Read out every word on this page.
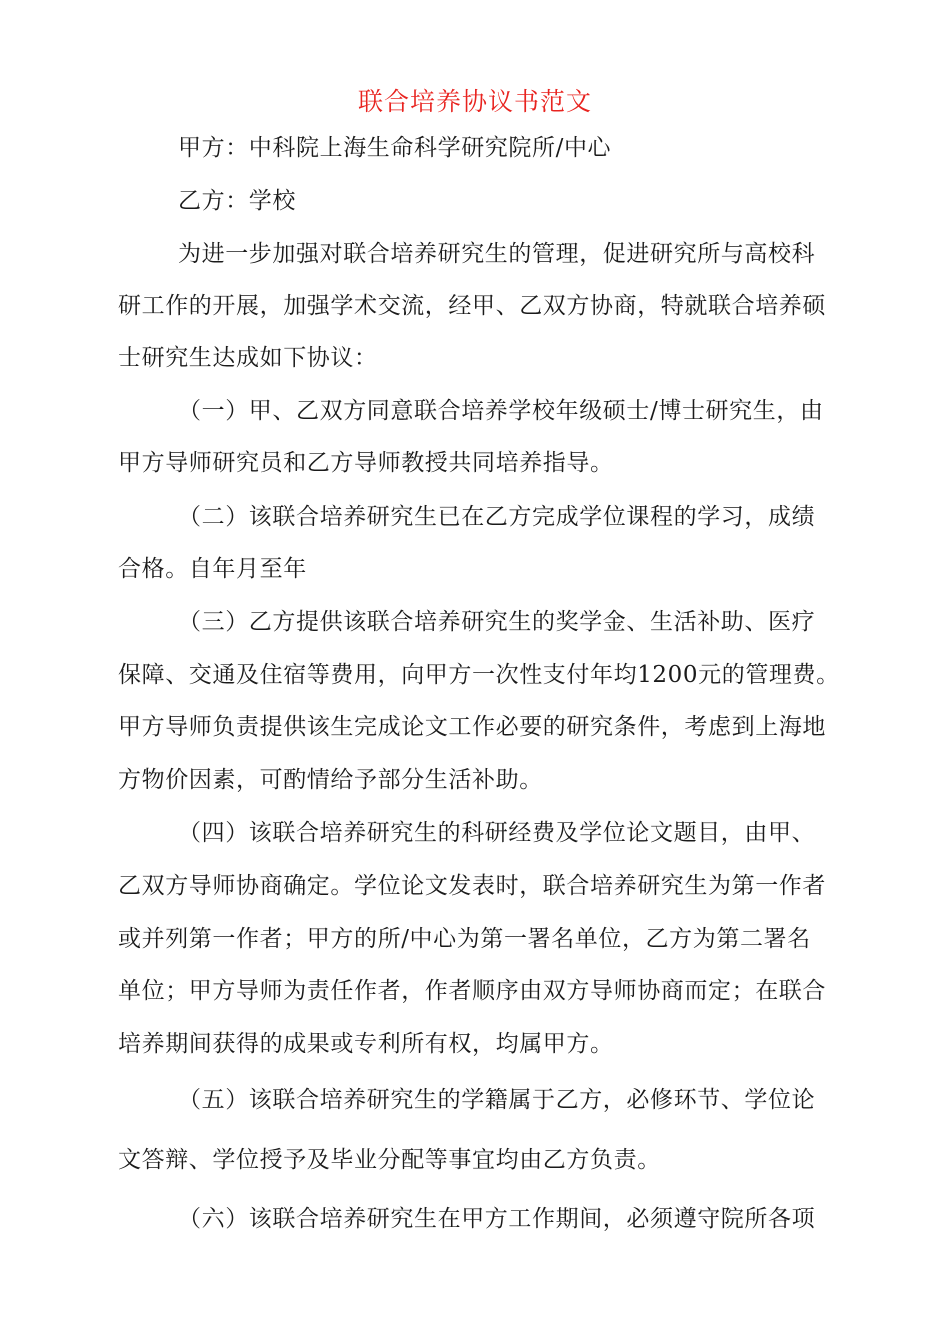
联合培养协议书范文
甲方：中科院上海生命科学研究院所/中心
乙方：学校
为进一步加强对联合培养研究生的管理，促进研究所与高校科
研工作的开展，加强学术交流，经甲、乙双方协商，特就联合培养硕
士研究生达成如下协议：
（一）甲、乙双方同意联合培养学校年级硕士/博士研究生，由
甲方导师研究员和乙方导师教授共同培养指导。
（二）该联合培养研究生已在乙方完成学位课程的学习，成绩
合格。自年月至年
（三）乙方提供该联合培养研究生的奖学金、生活补助、医疗
保障、交通及住宿等费用，向甲方一次性支付年均1200元的管理费。
甲方导师负责提供该生完成论文工作必要的研究条件，考虑到上海地
方物价因素，可酌情给予部分生活补助。
（四）该联合培养研究生的科研经费及学位论文题目，由甲、
乙双方导师协商确定。学位论文发表时，联合培养研究生为第一作者
或并列第一作者；甲方的所/中心为第一署名单位，乙方为第二署名
单位；甲方导师为责任作者，作者顺序由双方导师协商而定；在联合
培养期间获得的成果或专利所有权，均属甲方。
（五）该联合培养研究生的学籍属于乙方，必修环节、学位论
文答辩、学位授予及毕业分配等事宜均由乙方负责。
（六）该联合培养研究生在甲方工作期间，必须遵守院所各项
